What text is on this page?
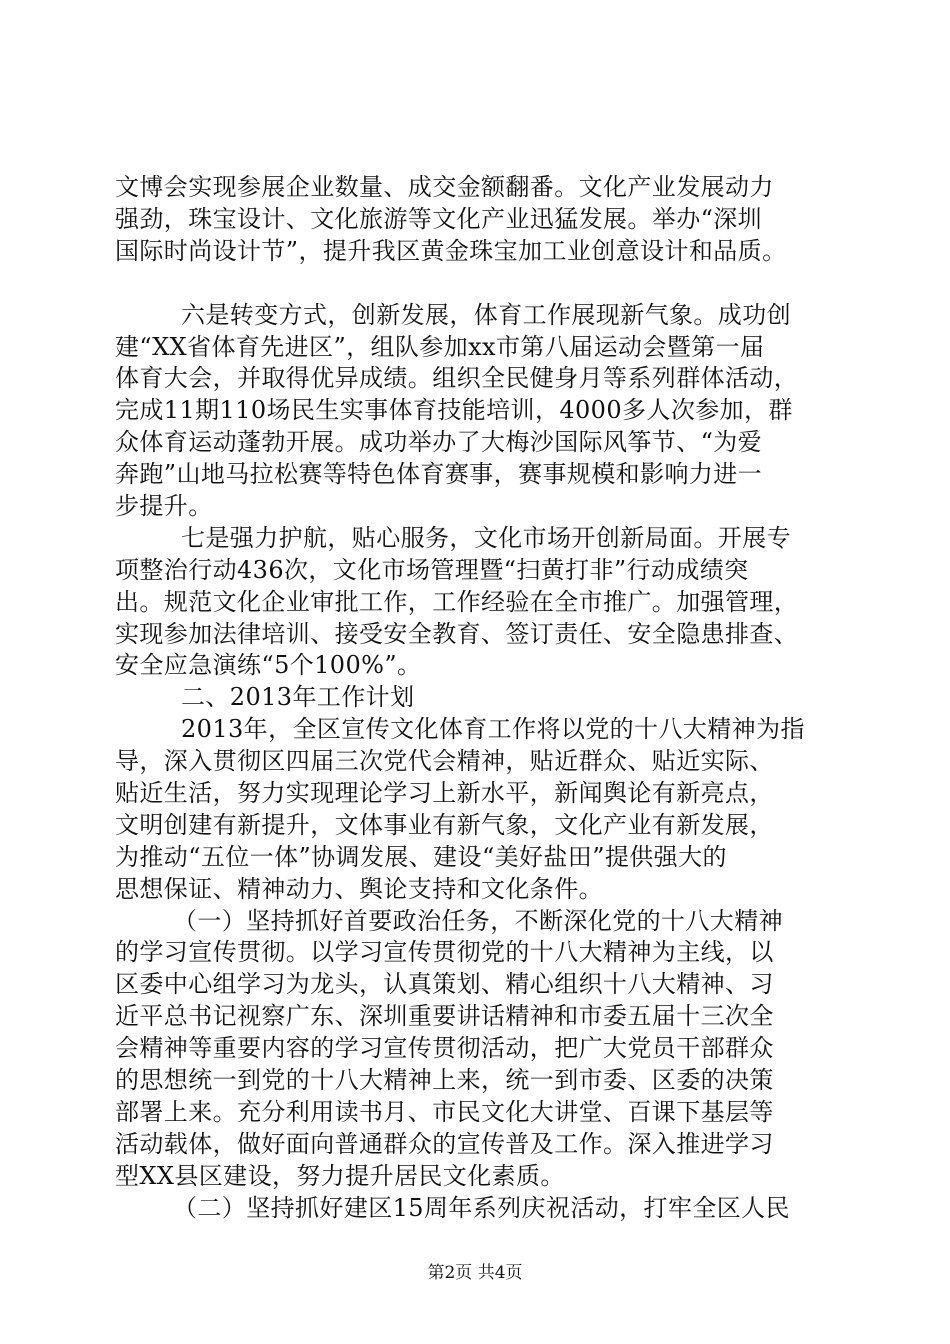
文博会实现参展企业数量、成交金额翻番。文化产业发展动力
强劲，珠宝设计、文化旅游等文化产业迅猛发展。举办“深圳
国际时尚设计节”，提升我区黄金珠宝加工业创意设计和品质。
六是转变方式，创新发展，体育工作展现新气象。成功创
建“XX省体育先进区”，组队参加xx市第八届运动会暨第一届
体育大会，并取得优异成绩。组织全民健身月等系列群体活动，
完成11期110场民生实事体育技能培训，4000多人次参加，群
众体育运动蓬勃开展。成功举办了大梅沙国际风筝节、“为爱
奔跑”山地马拉松赛等特色体育赛事，赛事规模和影响力进一
步提升。
七是强力护航，贴心服务，文化市场开创新局面。开展专
项整治行动436次，文化市场管理暨“扫黄打非”行动成绩突
出。规范文化企业审批工作，工作经验在全市推广。加强管理，
实现参加法律培训、接受安全教育、签订责任、安全隐患排查、
安全应急演练“5个100%”。
二、2013年工作计划
2013年，全区宣传文化体育工作将以党的十八大精神为指
导，深入贯彻区四届三次党代会精神，贴近群众、贴近实际、
贴近生活，努力实现理论学习上新水平，新闻舆论有新亮点，
文明创建有新提升，文体事业有新气象，文化产业有新发展，
为推动“五位一体”协调发展、建设“美好盐田”提供强大的
思想保证、精神动力、舆论支持和文化条件。
（一）坚持抓好首要政治任务，不断深化党的十八大精神
的学习宣传贯彻。以学习宣传贯彻党的十八大精神为主线，以
区委中心组学习为龙头，认真策划、精心组织十八大精神、习
近平总书记视察广东、深圳重要讲话精神和市委五届十三次全
会精神等重要内容的学习宣传贯彻活动，把广大党员干部群众
的思想统一到党的十八大精神上来，统一到市委、区委的决策
部署上来。充分利用读书月、市民文化大讲堂、百课下基层等
活动载体，做好面向普通群众的宣传普及工作。深入推进学习
型XX县区建设，努力提升居民文化素质。
（二）坚持抓好建区15周年系列庆祝活动，打牢全区人民
第2页 共4页
